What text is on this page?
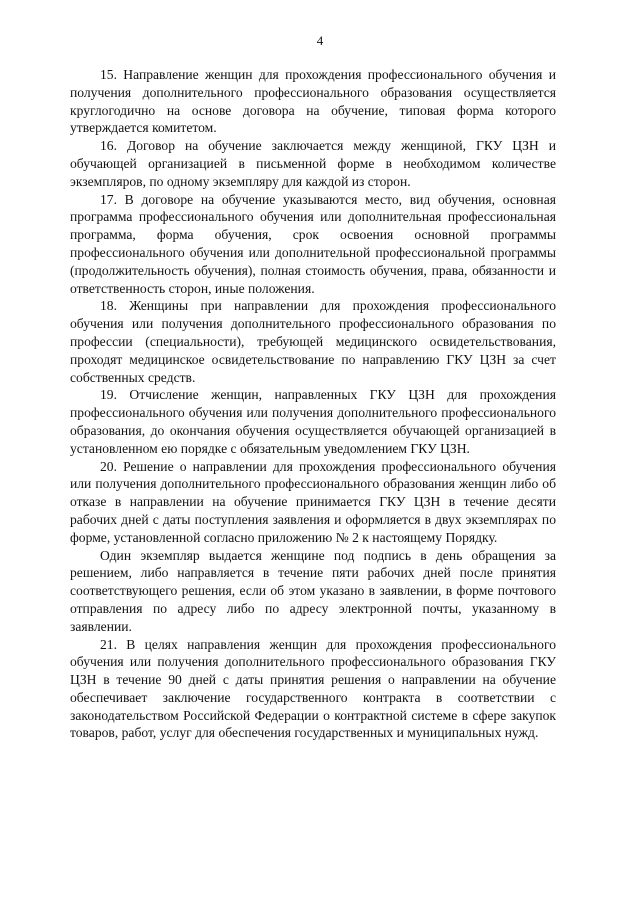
4

15. Направление женщин для прохождения профессионального обучения и получения дополнительного профессионального образования осуществляется круглогодично на основе договора на обучение, типовая форма которого утверждается комитетом.

16. Договор на обучение заключается между женщиной, ГКУ ЦЗН и обучающей организацией в письменной форме в необходимом количестве экземпляров, по одному экземпляру для каждой из сторон.

17. В договоре на обучение указываются место, вид обучения, основная программа профессионального обучения или дополнительная профессиональная программа, форма обучения, срок освоения основной программы профессионального обучения или дополнительной профессиональной программы (продолжительность обучения), полная стоимость обучения, права, обязанности и ответственность сторон, иные положения.

18. Женщины при направлении для прохождения профессионального обучения или получения дополнительного профессионального образования по профессии (специальности), требующей медицинского освидетельствования, проходят медицинское освидетельствование по направлению ГКУ ЦЗН за счет собственных средств.

19. Отчисление женщин, направленных ГКУ ЦЗН для прохождения профессионального обучения или получения дополнительного профессионального образования, до окончания обучения осуществляется обучающей организацией в установленном ею порядке с обязательным уведомлением ГКУ ЦЗН.

20. Решение о направлении для прохождения профессионального обучения или получения дополнительного профессионального образования женщин либо об отказе в направлении на обучение принимается ГКУ ЦЗН в течение десяти рабочих дней с даты поступления заявления и оформляется в двух экземплярах по форме, установленной согласно приложению № 2 к настоящему Порядку.

Один экземпляр выдается женщине под подпись в день обращения за решением, либо направляется в течение пяти рабочих дней после принятия соответствующего решения, если об этом указано в заявлении, в форме почтового отправления по адресу либо по адресу электронной почты, указанному в заявлении.

21. В целях направления женщин для прохождения профессионального обучения или получения дополнительного профессионального образования ГКУ ЦЗН в течение 90 дней с даты принятия решения о направлении на обучение обеспечивает заключение государственного контракта в соответствии с законодательством Российской Федерации о контрактной системе в сфере закупок товаров, работ, услуг для обеспечения государственных и муниципальных нужд.
